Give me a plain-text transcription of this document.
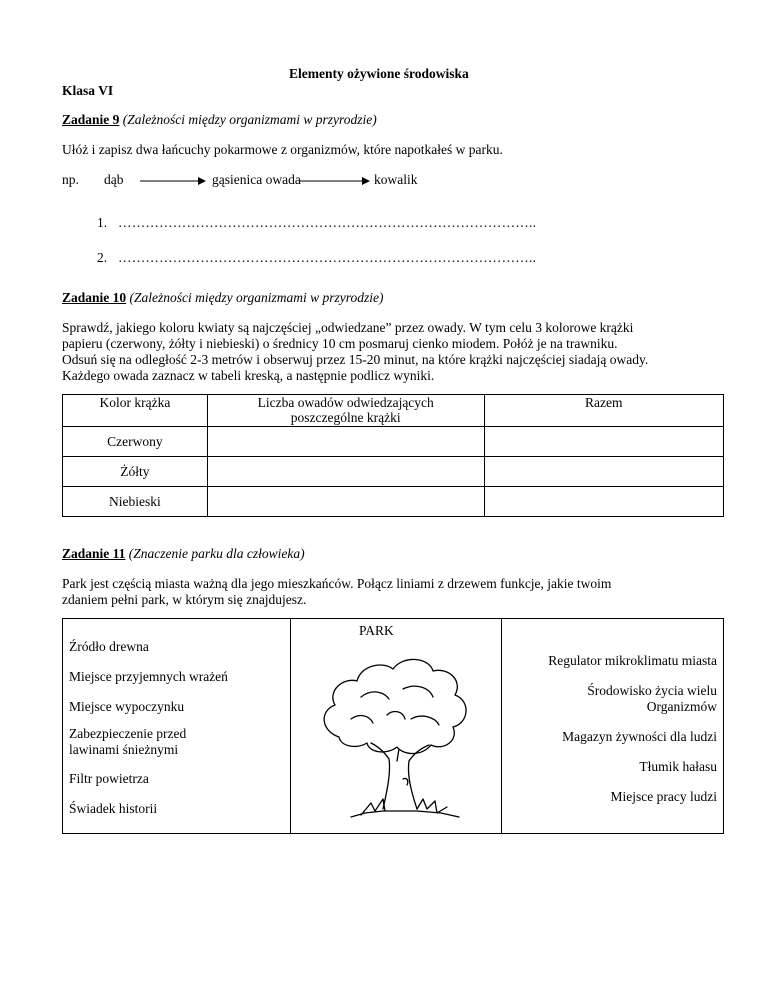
Elementy ożywione środowiska
Klasa VI
Zadanie 9 (Zależności między organizmami w przyrodzie)
Ułóż i zapisz dwa łańcuchy pokarmowe z organizmów, które napotkałeś w parku.
np. dąb	gąsienica owada	kowalik
1. ………………………………………………………………………………..
2. ………………………………………………………………………………..
Zadanie 10 (Zależności między organizmami w przyrodzie)
Sprawdź, jakiego koloru kwiaty są najczęściej „odwiedzane” przez owady. W tym celu 3 kolorowe krążki
papieru (czerwony, żółty i niebieski) o średnicy 10 cm posmaruj cienko miodem. Połóż je na trawniku.
Odsuń się na odległość 2-3 metrów i obserwuj przez 15-20 minut, na które krążki najczęściej siadają owady.
Każdego owada zaznacz w tabeli kreską, a następnie podlicz wyniki.
Kolor krążka	Liczba owadów odwiedzających poszczególne krążki	Razem
Czerwony		
Żółty		
Niebieski		
Zadanie 11 (Znaczenie parku dla człowieka)
Park jest częścią miasta ważną dla jego mieszkańców. Połącz liniami z drzewem funkcje, jakie twoim
zdaniem pełni park, w którym się znajdujesz.
PARK
Źródło drewna
Miejsce przyjemnych wrażeń
Miejsce wypoczynku
Zabezpieczenie przed lawinami śnieżnymi
Filtr powietrza
Świadek historii
Regulator mikroklimatu miasta
Środowisko życia wielu Organizmów
Magazyn żywności dla ludzi
Tłumik hałasu
Miejsce pracy ludzi
